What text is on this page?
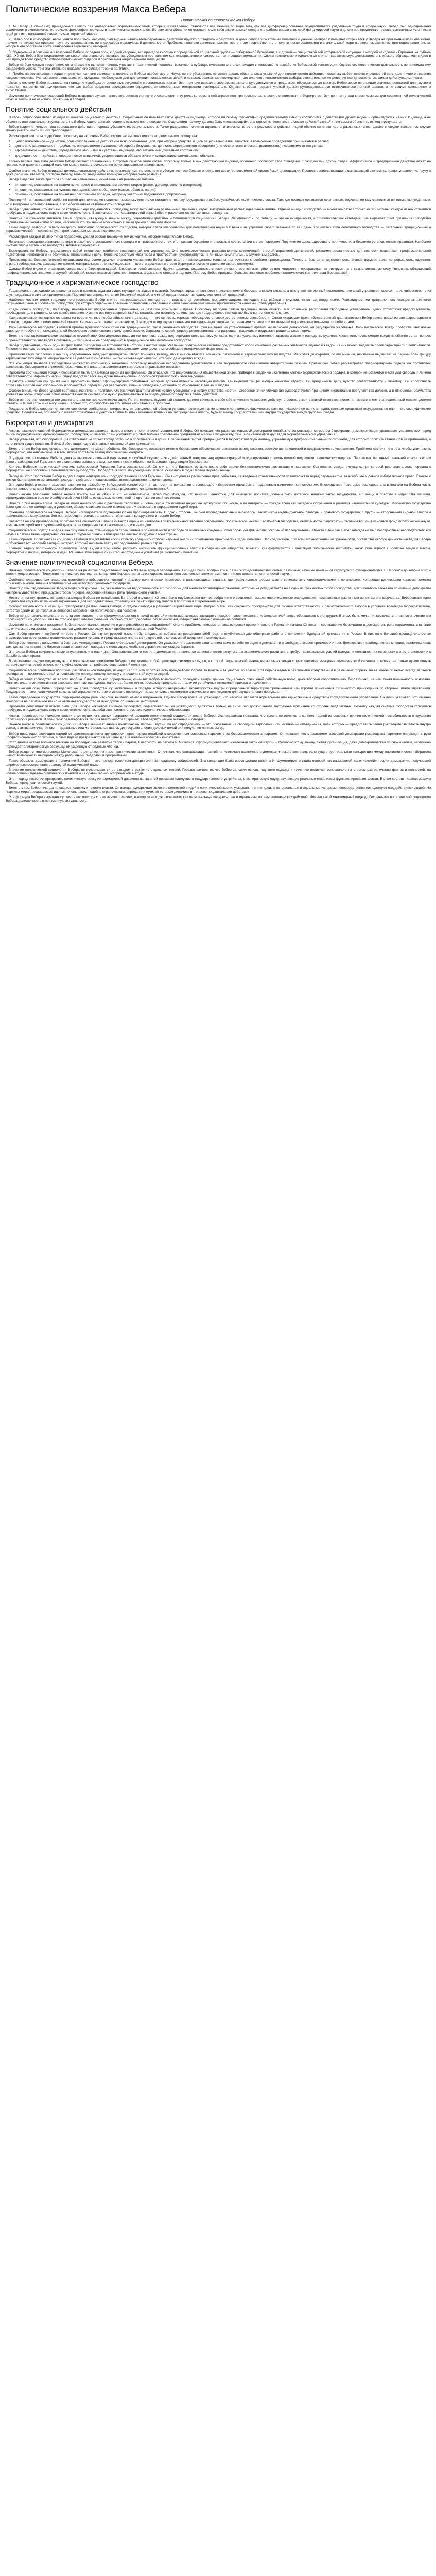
Политические воззрения Макса Вебера
Политическая социология Макса Вебера

1. М. Вебер (1864—1920) принадлежит к числу тех универсально образованных умов, которых, к сожалению, становится все меньше по мере того, как все дифференцированнее осуществляется разделение труда в сфере науки. Вебер был одновременно социологом и экономистом, историком, философом, юристом и политическим мыслителем. Во всех этих областях он оставил после себя значительный след, а его работы вошли в золотой фонд мировой науки и до сих пор продолжают оставаться важным источником идей для исследователей самых разных отраслей знания.

2. Вебер рос в атмосфере, насыщенной политикой: его отец был видным национал-либеральным депутатом прусского ландтага и рейхстага, в доме собирались крупные политики и ученые. Интерес к политике сохранялся у Вебера на протяжении всей его жизни, причем не только как предмет научного исследования, но и как сфера практической деятельности. Проблемы политики занимают важное место в его творчестве, и его политическая социология в значительной мере является выражением того социального опыта, которым его обогатила эпоха становления Германской империи.

3. Содержание политических воззрений Вебера определялось, с одной стороны, его принадлежностью к определенной социальной группе — либеральной буржуазии, а с другой — спецификой той исторической ситуации, в которой находилась Германия на рубеже XIX—XX вв. Вебер был сторонником сильного национального государства, убежденным противником как консервативного юнкерства, так и социал-демократии. Своим политическим идеалом он считал парламентскую демократию английского образца, хотя видел в ней прежде всего средство отбора политических лидеров и обеспечения национального могущества.

Вебер не был чистым теоретиком: он многократно пытался принять участие в практической политике, выступал с публицистическими статьями, входил в комиссию по выработке Веймарской конституции. Однако его политическая деятельность не принесла ему ожидаемого успеха; тем значительнее оказался его вклад в теорию политики.

4. Проблема соотношения теории и практики политики занимает в творчестве Вебера особое место. Наука, по его убеждению, не может давать обязательных указаний для политического действия, поскольку выбор конечных ценностей есть дело личного решения каждого человека. Ученый может лишь выяснить средства, необходимые для достижения поставленных целей, и показать возможные последствия того или иного политического выбора; окончательное же решение всегда остается за самим действующим лицом.

Именно поэтому Вебер настаивал на принципе «свободы от оценочных суждений» в социальных науках. Этот принцип вызвал в свое время оживленную дискуссию и продолжает обсуждаться до сих пор. Вебер вовсе не отрицал значения ценностей для научного познания: напротив, он подчеркивал, что сам выбор предмета исследования определяется ценностными интересами исследователя. Однако, отобрав предмет, ученый должен руководствоваться исключительно логикой фактов, а не своими симпатиями и антипатиями.

Изучение политических воззрений Вебера позволяет лучше понять внутреннюю логику его социологии и ту роль, которую в ней играют понятия господства, власти, легитимности и бюрократии. Эти понятия стали классическими для современной политической науки и вошли в ее основной понятийный аппарат.

Понятие социального действия

В своей социологии Вебер исходит из понятия социального действия. Социальным он называет такое действие индивида, которое по своему субъективно предполагаемому смыслу соотносится с действиями других людей и ориентируется на них. Индивид, а не общество или социальная группа, есть, по Веберу, единственный носитель осмысленного поведения. Социология поэтому должна быть «понимающей»: она стремится истолковать смысл действий людей и тем самым объяснить их ход и результаты.

Вебер выделяет четыре типа социального действия в порядке убывания их рациональности. Такое разделение является идеально-типическим, то есть в реальности действия людей обычно сочетают черты различных типов, однако в каждом конкретном случае можно указать, какой из них преобладает.

Рассмотрим эти типы подробнее, поскольку на их основе Вебер строит затем свою типологию легитимного господства:

1. целерациональное — действие, ориентированное на достижение ясно осознанной цели, при котором средства и цель рационально взвешиваются, а возможные последствия принимаются в расчет;
2. ценностно-рациональное — действие, определяемое сознательной верой в безусловную ценность определенного поведения (этического, эстетического, религиозного) независимо от его успеха;
3. аффективное — действие, определяемое эмоциями и чувствами индивида, его актуальным душевным состоянием;
4. традиционное — действие, определяемое привычкой, укоренившимся образом жизни и следованием сложившимся обычаям.

Только первые два типа действия Вебер считает социальными в строгом смысле этого слова, поскольку только в них действующий индивид осознанно соотносит свое поведение с ожиданиями других людей. Аффективное и традиционное действие лежат на границе или даже за границей того, что можно назвать осмысленно ориентированным поведением.

Особое значение Вебер придавал целерациональному действию, поскольку именно оно, по его убеждению, все больше определяет характер современной европейской цивилизации. Процесс рационализации, охватывающий экономику, право, управление, науку и даже религию, является, согласно Веберу, главной тенденцией всемирно-исторического развития.

Вебер выделяет также три типа социальных отношений, основанных на различных мотивах:

•
отношения, основанные на взаимном интересе и рациональном расчете сторон (рынок, договор, союз по интересам);
•
отношения, основанные на чувстве принадлежности к общности (семья, община, нация);
•
отношения, основанные на признании легитимного порядка, которому участники подчиняются добровольно.

Последний тип отношений особенно важен для понимания политики, поскольку именно он составляет основу государства и любого устойчивого политического союза. Там, где порядок признается легитимным, подчинение ему становится не только вынужденным, но и внутренне мотивированным, а это обеспечивает стабильность господства.

Вебер подчеркивал, что мотивы, по которым люди подчиняются господству, могут быть весьма различными: привычка, страх, материальный расчет, идеальные мотивы. Однако ни одно господство не может опираться только на эти мотивы: каждое из них стремится пробудить и поддерживать веру в свою легитимность. В зависимости от характера этой веры Вебер и различает основные типы господства.

Понятие легитимности является, таким образом, связующим звеном между социологией действия и политической социологией Вебера. Легитимность, по Веберу, — это не юридическая, а социологическая категория: она выражает факт признания господства подвластными, независимо от того, насколько это признание обосновано с точки зрения права или морали.

Такой подход позволил Веберу построить типологию политического господства, которая стала классической для политической науки XX века и не утратила своего значения по сей день. Три чистых типа легитимного господства — легальный, традиционный и харизматический — соответствуют трем основным мотивам подчинения.

Рассмотрим каждый из этих типов подробнее, уделяя особое внимание тем их чертам, которые выделял сам Вебер.

Легальное господство основано на вере в законность установленного порядка и в правомочность тех, кто призван осуществлять власть в соответствии с этим порядком. Подчинение здесь адресовано не личности, а безлично установленным правилам. Наиболее чистым типом легального господства является бюрократия.

Бюрократия, по Веберу, представляет собой технически наиболее совершенный тип управления. Она отличается четким разграничением компетенций, строгой иерархией должностей, регламентированностью деятельности правилами, профессиональной подготовкой чиновников и их безличным отношением к делу. Чиновник действует «без гнева и пристрастия», руководствуясь не личными симпатиями, а служебным долгом.

Превосходство бюрократической организации над всеми другими формами управления Вебер сравнивал с превосходством машины над ручными способами производства. Точность, быстрота, однозначность, знание документации, непрерывность, единство, строгая субординация, сокращение трений, материальных и личных издержек — все это достигает в строго бюрократическом управлении своего оптимума.

Однако Вебер видел и опасности, связанные с бюрократизацией. Бюрократический аппарат, будучи однажды созданным, стремится стать неуязвимым, уйти из-под контроля и превратиться из инструмента в самостоятельную силу. Чиновник, обладающий профессиональным знанием и служебной тайной, может оказаться сильнее политика, формально стоящего над ним. Поэтому Вебер придавал большое значение проблеме политического контроля над бюрократией.

Традиционное и харизматическое господство

Традиционное господство основано на вере в святость издавна существующих порядков и властей. Господин здесь не является «начальником» в бюрократическом смысле, а выступает как личный повелитель; его штаб управления состоит не из чиновников, а из слуг, подданных и личных приверженцев. Подчинение определяется не безличной нормой, а личной преданностью господину, освященной традицией.

Наиболее чистым типом традиционного господства Вебер считает патриархальное господство — власть отца семейства над домочадцами, господина над рабами и слугами, князя над подданными. Разновидностями традиционного господства являются патримониальное и сословное господство, при которых отдельные властные полномочия и связанные с ними экономические шансы присваиваются членами штаба управления.

Традиционное господство, по Веберу, накладывает определенные ограничения на развитие экономики и права. Поскольку господин связан традицией лишь отчасти, а в остальном располагает свободным усмотрением, здесь отсутствует предсказуемость, необходимая для рационального хозяйствования. Именно поэтому современный капитализм мог возникнуть лишь там, где традиционное господство было вытеснено легальным.

Харизматическое господство основано на вере в личные необычайные качества вождя — его святость, героизм, образцовость, сверхъестественные способности. Слово «харизма» (греч. «божественный дар, милость») Вебер заимствовал из раннехристианского словаря, придав ему социологический смысл. Харизма — это качество личности, благодаря которому ее оценивают как одаренную сверхъестественными силами или по меньшей мере исключительными способностями.

Харизматическое господство является прямой противоположностью как традиционного, так и легального господства. Оно не знает ни установленных правил, ни иерархии должностей, ни регулярного жалованья. Харизматический вождь провозглашает новые заповеди и требует от последователей безусловного повиновения в силу своей миссии. Харизма по своей природе революционна: она разрушает традицию и подрывает рациональные нормы.

Вместе с тем харизматическое господство неустойчиво. Оно держится лишь до тех пор, пока вождь подтверждает свою харизму успехом; если же удача ему изменяет, харизма угасает и господство рушится. Кроме того, после смерти вождя неизбежно встает вопрос о преемственности, что ведет к рутинизации харизмы — ее превращению в традиционное или легальное господство.

Вебер подчеркивал, что ни один из трех типов господства не встречается в истории в чистом виде. Реальные политические системы представляют собой сочетание различных элементов, однако в каждой из них можно выделить преобладающий тип легитимности. Типология господства служит, таким образом, инструментом анализа, позволяющим упорядочить многообразие исторических форм власти.

Применяя свою типологию к анализу современных западных демократий, Вебер пришел к выводу, что в них сочетаются элементы легального и харизматического господства. Массовая демократия, по его мнению, неизбежно выдвигает на первый план фигуру харизматического лидера, опирающегося на доверие избирателей, — так называемую «плебисцитарную демократию вождя».

Эта концепция вызвала впоследствии множество критических замечаний, поскольку некоторые исследователи усматривали в ней теоретическое обоснование авторитарного режима. Однако сам Вебер рассматривал плебисцитарного лидера как противовес всевластию бюрократии и стремился ограничить его власть парламентским контролем и правовыми нормами.

Проблема соотношения вождя и бюрократии была для Вебера одной из центральных. Он опасался, что рационализация общественной жизни приведет к созданию «железной клетки» бюрократического порядка, в которой не останется места для свободы и личной ответственности. Харизматический лидер представлялся ему единственной силой, способной противостоять этой тенденции.

В работе «Политика как призвание и профессия» Вебер сформулировал требования, которым должен отвечать настоящий политик. Он выделил три решающих качества: страсть, т.е. преданность делу, чувство ответственности и глазомер, т.е. способность сохранять внутреннюю собранность и спокойствие перед лицом реальности, умение соблюдать дистанцию по отношению к вещам и людям.

Особое внимание Вебер уделял соотношению этики и политики. Он различал два типа этики: «этику убеждения» и «этику ответственности». Сторонник этики убеждения руководствуется принципом «христианин поступает как должно, а в отношении результата уповает на Бога»; сторонник этики ответственности считает, что нужно расплачиваться за предвидимые последствия своих действий.

Вебер не противопоставлял эти два типа этики как взаимоисключающие. По его мнению, подлинный политик должен сочетать в себе обе этические установки: действуя в соответствии с этикой ответственности, он вместе с тем в определенный момент должен сказать: «На том стою и не могу иначе». Только тот, кто способен на это, имеет «призвание» к политике.

Государство Вебер определяет как человеческое сообщество, которое внутри определенной области успешно претендует на монополию легитимного физического насилия. Насилие не является единственным средством государства, но оно — его специфическое средство. Политика же, по Веберу, означает стремление к участию во власти или к оказанию влияния на распределение власти, будь то между государствами или внутри государства между группами людей.

Бюрократия и демократия

Анализ взаимоотношений бюрократии и демократии занимает важное место в политической социологии Вебера. Он показал, что развитие массовой демократии неизбежно сопровождается ростом бюрократии: демократизация уравнивает управляемых перед лицом бюрократически организованного господства, но вместе с тем усиливает его. Чем больше требований предъявляют массы к государству, тем шире становится круг задач бюрократического управления.

Вебер указывал, что бюрократизация охватывает не только государство, но и политические партии. Современная партия превращается в бюрократическую машину, управляемую профессиональными политиками, для которых политика становится не призванием, а источником существования. В этом Вебер видел одну из главных опасностей для демократии.

Вместе с тем Вебер подчеркивал, что демократия не может обойтись без бюрократии, поскольку именно бюрократия обеспечивает равенство перед законом, исключение привилегий и предсказуемость управления. Проблема состоит не в том, чтобы уничтожить бюрократию, что невозможно, а в том, чтобы поставить ее под политический контроль.

Эту функцию, по мнению Вебера, должен выполнять сильный парламент, способный осуществлять действенный контроль над администрацией и одновременно служить школой подготовки политических лидеров. Парламент, лишенный реальной власти, как это было в кайзеровской Германии, не в состоянии выдвинуть крупных политиков и обречен на бессилие перед лицом бюрократии.

Критика Вебером политической системы кайзеровской Германии была весьма острой. Он считал, что Бисмарк, оставив после себя нацию без политического воспитания и парламент без власти, создал ситуацию, при которой реальная власть перешла к бюрократии, не способной к политическому руководству. Последствия этого, по убеждению Вебера, сказались в годы Первой мировой войны.

Выход из этого положения Вебер видел в парламентаризации государственного строя Германии. Он выступал за расширение прав рейхстага, за введение ответственности правительства перед парламентом, за всеобщее и равное избирательное право. Вместе с тем он был сторонником сильной президентской власти, опирающейся непосредственно на волю народа.

Эти идеи Вебера оказали заметное влияние на разработку Веймарской конституции, в частности на положения о всенародно избираемом президенте, наделенном широкими полномочиями. Впоследствии некоторые исследователи возлагали на Вебера часть ответственности за крах Веймарской республики, однако такая оценка представляется односторонней.

Политические воззрения Вебера нельзя понять вне их связи с его национализмом. Вебер был убежден, что высшей ценностью для немецкого политика должны быть интересы национального государства, его мощь и престиж в мире. Эта позиция, сформулированная еще во Фрайбургской речи 1895 г., оставалась неизменной на протяжении всей его жизни.

Вместе с тем национализм Вебера не имел ничего общего с расовыми теориями и шовинизмом. Он понимал нацию как культурную общность, а ее интересы — прежде всего как интересы сохранения и развития национальной культуры. Могущество государства было для него не самоцелью, а условием, обеспечивающим нации возможность участвовать в определении судеб мира.

Оценивая политическое наследие Вебера, исследователи подчеркивают его противоречивость. С одной стороны, он был последовательным либералом, защитником индивидуальной свободы и правового государства; с другой — сторонником сильной власти и национального могущества. Эти противоречия отражают сложность той эпохи, в которую жил и творил Вебер.

Несмотря на эти противоречия, политическая социология Вебера остается одним из наиболее влиятельных направлений современной политической мысли. Его понятия господства, легитимности, бюрократии, харизмы вошли в основной фонд политической науки, а его анализ проблем современной демократии сохраняет свою актуальность и в наши дни.

Социологический подход Вебера к анализу политики, отличающийся стремлением к объективности и свободе от оценочных суждений, стал образцом для многих поколений исследователей. Вместе с тем сам Вебер никогда не был бесстрастным наблюдателем: его научная работа была неразрывно связана с глубокой личной заинтересованностью в судьбах своей страны.

Таким образом, политическая социология Вебера представляет собой попытку соединить строгий научный анализ с пониманием практических задач политики. Это соединение, при всей его внутренней напряженности, составляет особую ценность наследия Вебера и объясняет тот неослабевающий интерес, который оно вызывает у исследователей разных стран.

Главную задачу политической социологии Вебер видел в том, чтобы раскрыть механизмы функционирования власти в современном обществе, показать, как формируются и действуют политические институты, какую роль играют в политике вожди и массы, бюрократия и партии, интересы и идеи. Решение этой задачи он считал необходимым условием рациональной политики.

Значение политической социологии Вебера

Влияние политической социологии Вебера на развитие общественных наук в XX веке трудно переоценить. Его идеи были восприняты и развиты представителями самых различных научных школ — от структурного функционализма Т. Парсонса до теории элит и теории модернизации. Типология легитимного господства, концепция бюрократии, анализ харизмы стали неотъемлемыми элементами понятийного аппарата политической науки.

Особенно плодотворным оказалось применение веберовских понятий к анализу политических процессов в развивающихся странах, где традиционные формы власти сочетаются с харизматическими и легальными. Концепция рутинизации харизмы помогла объяснить многие явления политической жизни постколониальных государств.

Вместе с тем ряд положений Вебера подвергся критике. Так, указывалось на недостаточность его типологии для анализа тоталитарных режимов, которые не укладываются ни в один из трех чистых типов господства. Критиковалось также его понимание демократии как преимущественно процедуры отбора лидеров, недооценивающее роль гражданского участия.

Несмотря на эту критику, интерес к наследию Вебера не ослабевает. Во второй половине XX века было опубликовано полное собрание его сочинений, вышли многочисленные исследования, посвященные различным аспектам его творчества. Веберовские идеи продолжают служить источником вдохновения для исследователей, стремящихся понять природу власти и политики в современном мире.

Особую актуальность в наши дни приобретают размышления Вебера о судьбе свободы в рационализированном мире. Вопрос о том, как сохранить пространство для личной ответственности и самостоятельного выбора в условиях всеобщей бюрократизации, остается одним из центральных вопросов современной политической философии.

Вебер не дал окончательного ответа на этот вопрос, но он сформулировал его с такой остротой и ясностью, которые заставляют каждое новое поколение исследователей вновь обращаться к его трудам. В этом, быть может, и заключается главное значение его политической социологии: она не столько дает готовые решения, сколько ставит проблемы, без осмысления которых невозможно понимание политики.

Изучение политических воззрений Вебера имеет важное значение и для российских исследователей. Многие проблемы, которые он анализировал применительно к Германии начала XX века — соотношение бюрократии и демократии, роль парламента, значение политического лидерства, — оказываются удивительно созвучными проблемам современной России.

Сам Вебер проявлял глубокий интерес к России. Он изучил русский язык, чтобы следить за событиями революции 1905 года, и опубликовал две обширные работы о положении буржуазной демократии в России. В них он с большой проницательностью анализировал перспективы политического развития страны и предсказывал многие из трудностей, с которыми ей предстояло столкнуться.

Вебер сомневался в возможности быстрого утверждения в России либеральной демократии. Он указывал, что развитие капитализма само по себе не ведет к демократии и свободе, а скорее противоречит им. Демократия и свобода, по его мнению, возможны лишь там, где за них постоянно борется решительная воля народа, не желающего, чтобы им управляли как стадом баранов.

Эти слова Вебера сохраняют свою актуальность и в наши дни. Они напоминают о том, что демократия не является автоматическим результатом экономического развития, а требует сознательных усилий граждан и политиков, их готовности к ответственности и к борьбе за свои права.

В заключение следует подчеркнуть, что политическая социология Вебера представляет собой целостную систему взглядов, в которой теоретический анализ неразрывно связан с практическими выводами. Изучение этой системы позволяет не только лучше понять историю политической мысли, но и глубже осмыслить проблемы современной политики.

Социологическое понимание политики, разработанное Вебером, исходит из того, что политика есть прежде всего борьба за власть и за участие во власти. Эта борьба ведется различными средствами и в различных формах, но ее конечной целью всегда является господство — возможность найти повиновение определенному приказу у определенной группы людей.

Вебер отличал господство от власти вообще. Власть, по его определению, означает любую возможность проводить внутри данных социальных отношений собственную волю, даже вопреки сопротивлению, безразлично, на чем такая возможность основана. Понятие власти социологически аморфно; понятие господства, напротив, более точно, поскольку предполагает наличие устойчивых отношений приказа и подчинения.

Политический союз Вебер определяет как союз господства, существование и порядок которого непрерывно гарантируются внутри определенной территории применением или угрозой применения физического принуждения со стороны штаба управления. Государство — это политический союз, штаб управления которого успешно претендует на монополию легитимного физического принуждения для осуществления порядков.

Такое определение государства, подчеркивающее роль насилия, вызвало немало возражений. Однако Вебер вовсе не утверждал, что насилие является нормальным или единственным средством государственного управления. Он лишь указывал, что именно монополия на легитимное насилие отличает государство от всех других социальных институтов.

Проблема легитимности власти была для Вебера ключевой. Никакое господство, подчеркивал он, не может долго держаться только на силе: оно должно найти внутреннее признание со стороны подвластных. Поэтому каждая система господства стремится пробудить и поддерживать веру в свою легитимность, вырабатывая соответствующие идеологические обоснования.

Анализ процессов легитимации власти стал одним из главных направлений развития политической социологии после Вебера. Исследователи показали, что кризис легитимности является одной из основных причин политической нестабильности и крушения политических режимов. В этом смысле веберовская теория легитимности сохраняет свое эвристическое значение и сегодня.

Важное место в политической социологии Вебера занимает анализ политических партий. Партии, по его определению, — это основанные на свободном вербовании общественные объединения, цель которых — предоставить своим руководителям власть внутри союза, а активным участникам — идеальные или материальные шансы для осуществления деловых целей или получения личных выгод.

Вебер проследил эволюцию партий от аристократических группировок через партии нотаблей к современным массовым партиям с их бюрократическим аппаратом. Он показал, что с развитием массовой демократии руководство партиями переходит в руки профессиональных политиков, а сами партии превращаются в машины для завоевания голосов избирателей.

Этот анализ оказал большое влияние на последующее развитие теории партий, в частности на работы Р. Михельса, сформулировавшего «железный закон олигархии». Согласно этому закону, любая организация, даже демократическая по своим целям, неизбежно порождает олигархическую верхушку, отчужденную от рядовых членов.

Вебер разделял многие выводы Михельса, но делал из них иные практические заключения. Он считал, что олигархизация партий не исключает возможности демократического контроля, если существует реальная конкуренция между партиями и если избиратели имеют возможность выбирать между различными лидерами и программами.

Таким образом, демократия в понимании Вебера — это прежде всего конкуренция элит за поддержку избирателей. Эта концепция была впоследствии развита Й. Шумпетером и стала основой так называемой «элитистской» теории демократии, получившей широкое распространение в западной политической науке.

Значение политической социологии Вебера не исчерпывается ее вкладом в развитие отдельных теорий. Гораздо важнее то, что Вебер заложил основы научного подхода к изучению политики, основанного на строгом разграничении фактов и ценностей, на использовании идеально-типических понятий и на сравнительно-историческом методе.

Этот подход позволил превратить политическую науку из нормативной дисциплины, занятой поисками наилучшего государственного устройства, в эмпирическую науку, изучающую реальные механизмы функционирования власти. В этом состоит главная заслуга Вебера перед политической наукой.

Вместе с тем Вебер никогда не сводил политику к технике власти. Он всегда подчеркивал значение ценностей и идей в политической жизни, указывая, что «не идеи, а материальные и идеальные интересы непосредственно господствуют над действиями людей. Но “картины мира”, создаваемые идеями, очень часто, подобно стрелочникам, определяли пути, по которым динамика интересов продвигала эти действия».

Эта формула Вебера выражает сущность его подхода к пониманию политики, в котором находят свое место как материальные интересы, так и идеальные мотивы человеческих действий. Именно такой многомерный подход обеспечивает политической социологии Вебера долговечность и неизменную актуальность.
